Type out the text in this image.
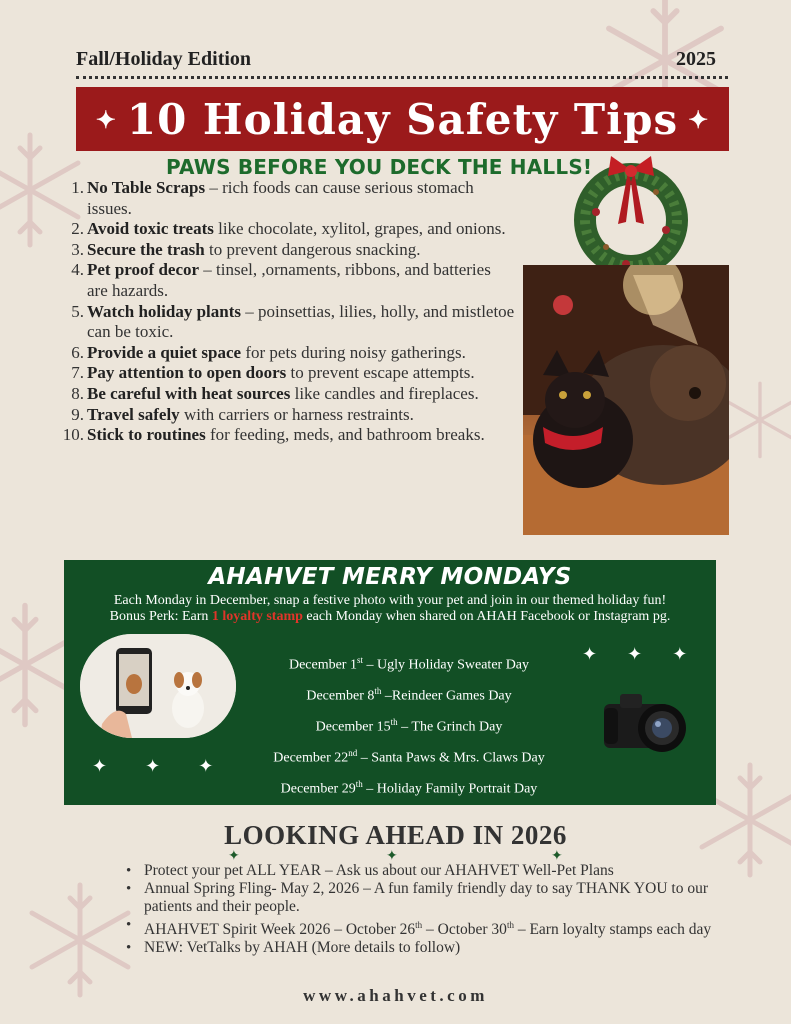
Fall/Holiday Edition	2025
✦ 10 Holiday Safety Tips ✦
PAWS BEFORE YOU DECK THE HALLS!
1. No Table Scraps – rich foods can cause serious stomach issues.
2. Avoid toxic treats like chocolate, xylitol, grapes, and onions.
3. Secure the trash to prevent dangerous snacking.
4. Pet proof decor – tinsel, ,ornaments, ribbons, and batteries are hazards.
5. Watch holiday plants – poinsettias, lilies, holly, and mistletoe can be toxic.
6. Provide a quiet space for pets during noisy gatherings.
7. Pay attention to open doors to prevent escape attempts.
8. Be careful with heat sources like candles and fireplaces.
9. Travel safely with carriers or harness restraints.
10. Stick to routines for feeding, meds, and bathroom breaks.
AHAHVET MERRY MONDAYS
Each Monday in December, snap a festive photo with your pet and join in our themed holiday fun!
Bonus Perk: Earn 1 loyalty stamp each Monday when shared on AHAH Facebook or Instagram pg.
December 1st – Ugly Holiday Sweater Day
December 8th –Reindeer Games Day
December 15th – The Grinch Day
December 22nd – Santa Paws & Mrs. Claws Day
December 29th – Holiday Family Portrait Day
✦✦✦
✦✦✦
LOOKING AHEAD IN 2026
✦	✦	✦
• Protect your pet ALL YEAR – Ask us about our AHAHVET Well-Pet Plans
• Annual Spring Fling- May 2, 2026 – A fun family friendly day to say THANK YOU to our patients and their people.
• AHAHVET Spirit Week 2026 – October 26th – October 30th – Earn loyalty stamps each day
• NEW: VetTalks by AHAH (More details to follow)
www.ahahvet.com
